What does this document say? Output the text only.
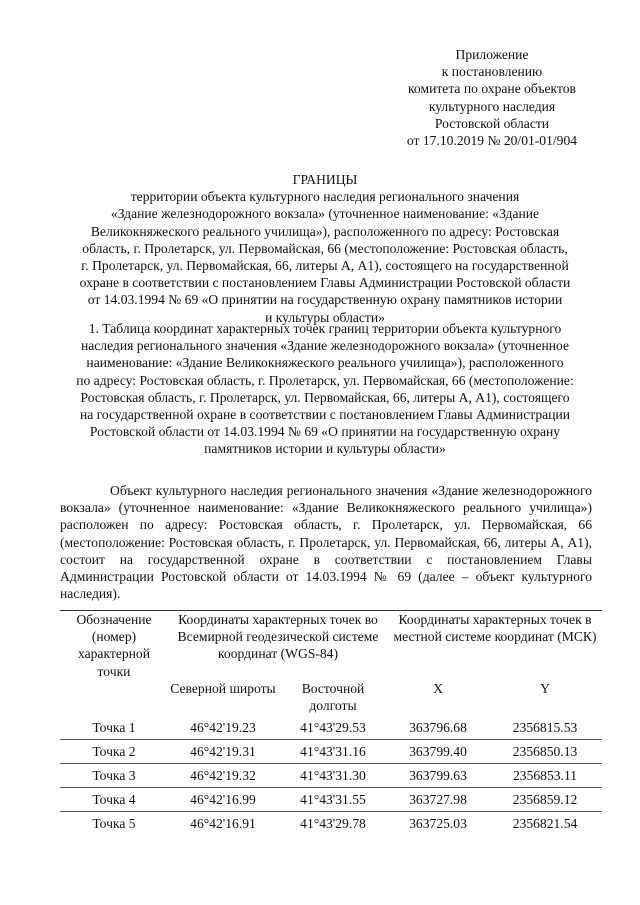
Приложение
к постановлению
комитета по охране объектов
культурного наследия
Ростовской области
от 17.10.2019 № 20/01-01/904
ГРАНИЦЫ
территории объекта культурного наследия регионального значения
«Здание железнодорожного вокзала» (уточненное наименование: «Здание
Великокняжеского реального училища»), расположенного по адресу: Ростовская
область, г. Пролетарск, ул. Первомайская, 66 (местоположение: Ростовская область,
г. Пролетарск, ул. Первомайская, 66, литеры А, А1), состоящего на государственной
охране в соответствии с постановлением Главы Администрации Ростовской области
от 14.03.1994 № 69 «О принятии на государственную охрану памятников истории
и культуры области»
1. Таблица координат характерных точек границ территории объекта культурного
наследия регионального значения «Здание железнодорожного вокзала» (уточненное
наименование: «Здание Великокняжеского реального училища»), расположенного
по адресу: Ростовская область, г. Пролетарск, ул. Первомайская, 66 (местоположение:
Ростовская область, г. Пролетарск, ул. Первомайская, 66, литеры А, А1), состоящего
на государственной охране в соответствии с постановлением Главы Администрации
Ростовской области от 14.03.1994 № 69 «О принятии на государственную охрану
памятников истории и культуры области»
Объект культурного наследия регионального значения «Здание железнодорожного вокзала» (уточненное наименование: «Здание Великокняжеского реального училища») расположен по адресу: Ростовская область, г. Пролетарск, ул. Первомайская, 66 (местоположение: Ростовская область, г. Пролетарск, ул. Первомайская, 66, литеры А, А1), состоит на государственной охране в соответствии с постановлением Главы Администрации Ростовской области от 14.03.1994 № 69 (далее – объект культурного наследия).
Обозначение (номер) характерной точки	Координаты характерных точек во Всемирной геодезической системе координат (WGS-84)		Координаты характерных точек в местной системе координат (МСК)	
	Северной широты	Восточной долготы	X	Y
Точка 1	46°42'19.23	41°43'29.53	363796.68	2356815.53
Точка 2	46°42'19.31	41°43'31.16	363799.40	2356850.13
Точка 3	46°42'19.32	41°43'31.30	363799.63	2356853.11
Точка 4	46°42'16.99	41°43'31.55	363727.98	2356859.12
Точка 5	46°42'16.91	41°43'29.78	363725.03	2356821.54
